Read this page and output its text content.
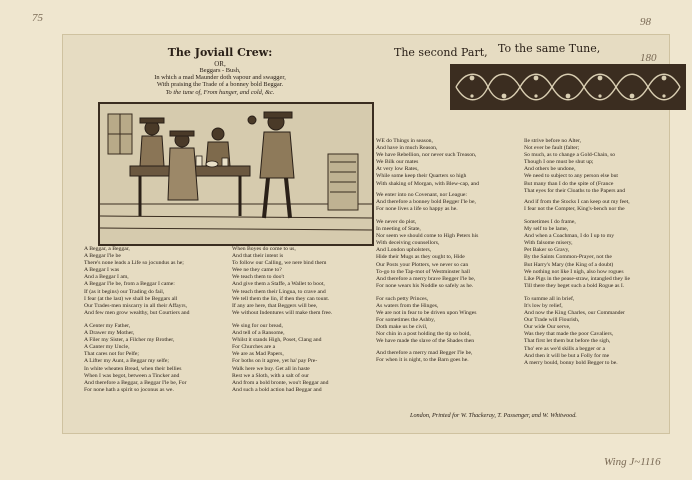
75	98
Wing J~1116
The Joviall Crew:
OR,
Beggars - Bush,
In which a mad Maunder doth vapour and swagger,
With praising the Trade of a bonney bold Beggar.
To the tune of, From hunger, and cold, &c.
A Beggar, a Beggar,
A Beggar I'le be
There's none leads a Life so jocundus as he;
A Beggar I was
And a Beggar I am,
A Beggar I'le be, from a Beggar I came:
If (as it begins) our Trading do fail,
I fear (at the last) we shall be Beggars all
Our Trades-men miscarry in all their Affayrs,
And few men grow wealthy, but Courtiers and
A Center my Father,
A Drawer my Mother,
A Filer my Sister, a Filcher my Brother,
A Canter my Uncle,
That cares not for Pelfe;
A Lifter my Aunt, a Beggar my selfe;
In white wheaten Bread, when their bellies
When I was begot, between a Tincker and
And therefore a Beggar, a Beggar I'le be, For
For none hath a spirit so joconus as we.
When Boyes do come to us,
And that their intent is
To follow our Calling, we nere bind them
Wee ne they came to?
We teach them to doo't
And give them a Staffe, a Wallet to boot,
We teach them their Lingua, to crave and
We tell them the lin, if then they can tount.
If any are here, that Beggers will bee,
We without Indentures will make them free.
We sing for our bread,
And tell of a Ransome,
Whilst it stands High, Poset, Clang and
For Churches are a
We are as Mad Papers,
For boths on it agree, yet ha' pay Pre-
Walk here we buy. Get all in haste
Rest we a Sloth, with a salt of our
And from a bold bronte, wou't Beggar and
And such a bold action had Beggar and
The second Part, To the same Tune,
180
WE do Things in season,
And have in much Reason,
We have Rebellion, nor never such Treason,
We Bilk our mates
At very low Rates,
While some keep their Quarters so high
With shaking of Morgan, with Blew-cap, and
We enter into no Covenant, nor League:
And therefore a bonney bold Begger I'le be,
For none lives a life so happy as he.
We never do plot,
In meeting of State,
Nor seem we should come to High Peters his
With deceiving counsellors,
And London upholsters,
Hide their Mugs as they ought to, Hide
Our Posts your Plotters, we never so can
To-go to the Tap-mot of Westminster hall
And therefore a merry brave Begger I'le be,
For none wears his Noddle so safely as he.
For such petty Princes,
As waters from the Hinges,
We are not in fear to be driven upon Winges
For sometimes the Ashby,
Doth make us be civil,
Nor chin in a post holding the tip so bold,
We have made the slave of the Shades then
And therefore a merry mad Begger I'le be,
For when it is night, to the Barn goes he.
Ile strive before no Alter,
Not ever be fault (falter;
So much, as to change a Gold-Chain, so
Though I one must be shut up;
And others be undone,
We need to subject to any person else but
But many than I do the spite of (France
That eyes for their Cloaths to the Papers and
And if from the Stocks I can keep out my feet,
I fear not the Compter, King's-bench nor the
Sometimes I do frame,
My self to be lame,
And when a Coachman, I do I up to my
With falsome misery,
Pet Baker so Gravy,
By the Saints Common-Prayer, not the
But Harry's Mary (the King of a doubt)
We nothing not like I nigh, also how rogues
Like Pigs in the pease-straw, intangled they lie
Till there they beget such a bold Rogue as I.
To summe all in brief,
It's low by relief,
And now the King Charles, our Commander
Our Trade will Flourish,
Our wide Our serve,
Was they that made the poor Cavaliers,
That first let them but before the sigh,
Tho' ere as we'd skills a begger or a
And then it will be but a Folly for me
A merry bould, bonny bold Begger to be.
London, Printed for W. Thackeray, T. Passenger, and W. Whitwood.
